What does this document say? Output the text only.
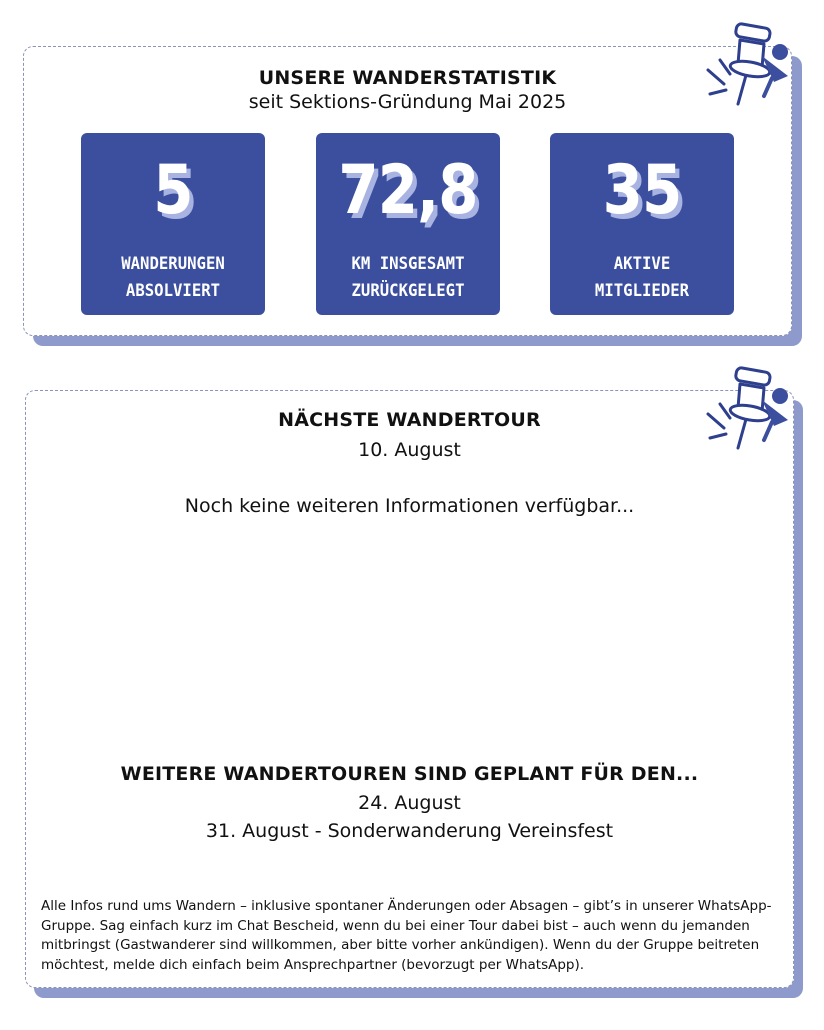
UNSERE WANDERSTATISTIK
seit Sektions-Gründung Mai 2025
5
WANDERUNGEN
ABSOLVIERT
72,8
KM INSGESAMT
ZURÜCKGELEGT
35
AKTIVE
MITGLIEDER
NÄCHSTE WANDERTOUR
10. August
Noch keine weiteren Informationen verfügbar...
WEITERE WANDERTOUREN SIND GEPLANT FÜR DEN...
24. August
31. August - Sonderwanderung Vereinsfest
Alle Infos rund ums Wandern – inklusive spontaner Änderungen oder Absagen – gibt’s in unserer WhatsApp-Gruppe. Sag einfach kurz im Chat Bescheid, wenn du bei einer Tour dabei bist – auch wenn du jemanden mitbringst (Gastwanderer sind willkommen, aber bitte vorher ankündigen). Wenn du der Gruppe beitreten möchtest, melde dich einfach beim Ansprechpartner (bevorzugt per WhatsApp).
